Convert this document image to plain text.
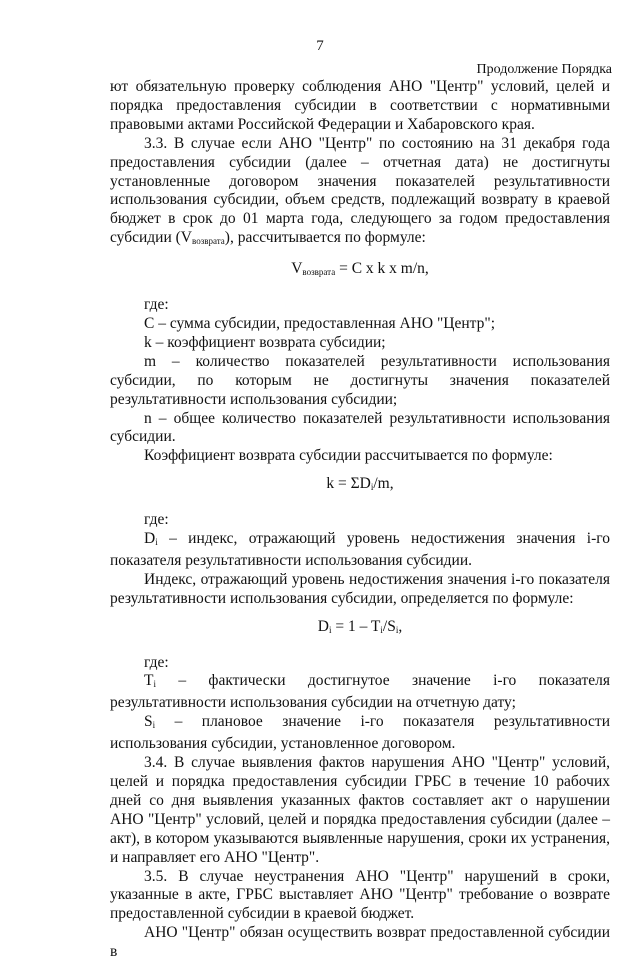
7
Продолжение Порядка

ют обязательную проверку соблюдения АНО "Центр" условий, целей и порядка предоставления субсидии в соответствии с нормативными правовыми актами Российской Федерации и Хабаровского края.

3.3. В случае если АНО "Центр" по состоянию на 31 декабря года предоставления субсидии (далее – отчетная дата) не достигнуты установленные договором значения показателей результативности использования субсидии, объем средств, подлежащий возврату в краевой бюджет в срок до 01 марта года, следующего за годом предоставления субсидии $(V_{возврата})$, рассчитывается по формуле:

$V_{возврата} = С$ x k x m/n,

где:

С – сумма субсидии, предоставленная АНО "Центр";

k – коэффициент возврата субсидии;

m – количество показателей результативности использования субсидии, по которым не достигнуты значения показателей результативности использования субсидии;

n – общее количество показателей результативности использования субсидии.

Коэффициент возврата субсидии рассчитывается по формуле:

$k = \Sigma D_i/m$,

где:

$D_i$ – индекс, отражающий уровень недостижения значения i-го показателя результативности использования субсидии.

Индекс, отражающий уровень недостижения значения i-го показателя результативности использования субсидии, определяется по формуле:

$D_i = 1 - T_i/S_i$,

где:

$T_i$ – фактически достигнутое значение i-го показателя результативности использования субсидии на отчетную дату;

$S_i$ – плановое значение i-го показателя результативности использования субсидии, установленное договором.

3.4. В случае выявления фактов нарушения АНО "Центр" условий, целей и порядка предоставления субсидии ГРБС в течение 10 рабочих дней со дня выявления указанных фактов составляет акт о нарушении АНО "Центр" условий, целей и порядка предоставления субсидии (далее – акт), в котором указываются выявленные нарушения, сроки их устранения, и направляет его АНО "Центр".

3.5. В случае неустранения АНО "Центр" нарушений в сроки, указанные в акте, ГРБС выставляет АНО "Центр" требование о возврате предоставленной субсидии в краевой бюджет.

АНО "Центр" обязан осуществить возврат предоставленной субсидии в
